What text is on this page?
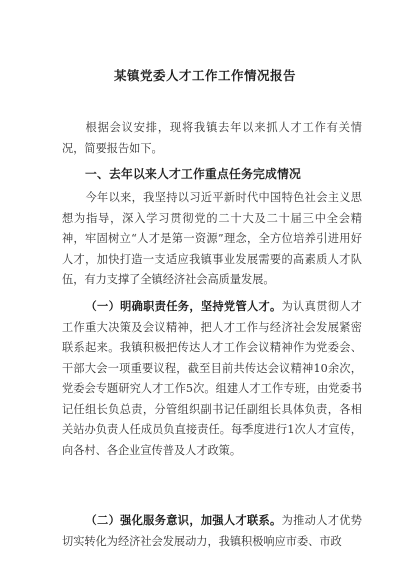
某镇党委人才工作工作情况报告

根据会议安排，现将我镇去年以来抓人才工作有关情况，简要报告如下。

一、去年以来人才工作重点任务完成情况

今年以来，我坚持以习近平新时代中国特色社会主义思想为指导，深入学习贯彻党的二十大及二十届三中全会精神，牢固树立“人才是第一资源”理念，全方位培养引进用好人才，加快打造一支适应我镇事业发展需要的高素质人才队伍，有力支撑了全镇经济社会高质量发展。

（一）明确职责任务，坚持党管人才。为认真贯彻人才工作重大决策及会议精神，把人才工作与经济社会发展紧密联系起来。我镇积极把传达人才工作会议精神作为党委会、干部大会一项重要议程，截至目前共传达会议精神10余次，党委会专题研究人才工作5次。组建人才工作专班，由党委书记任组长负总责，分管组织副书记任副组长具体负责，各相关站办负责人任成员负直接责任。每季度进行1次人才宣传，向各村、各企业宣传普及人才政策。

（二）强化服务意识，加强人才联系。为推动人才优势切实转化为经济社会发展动力，我镇积极响应市委、市政
